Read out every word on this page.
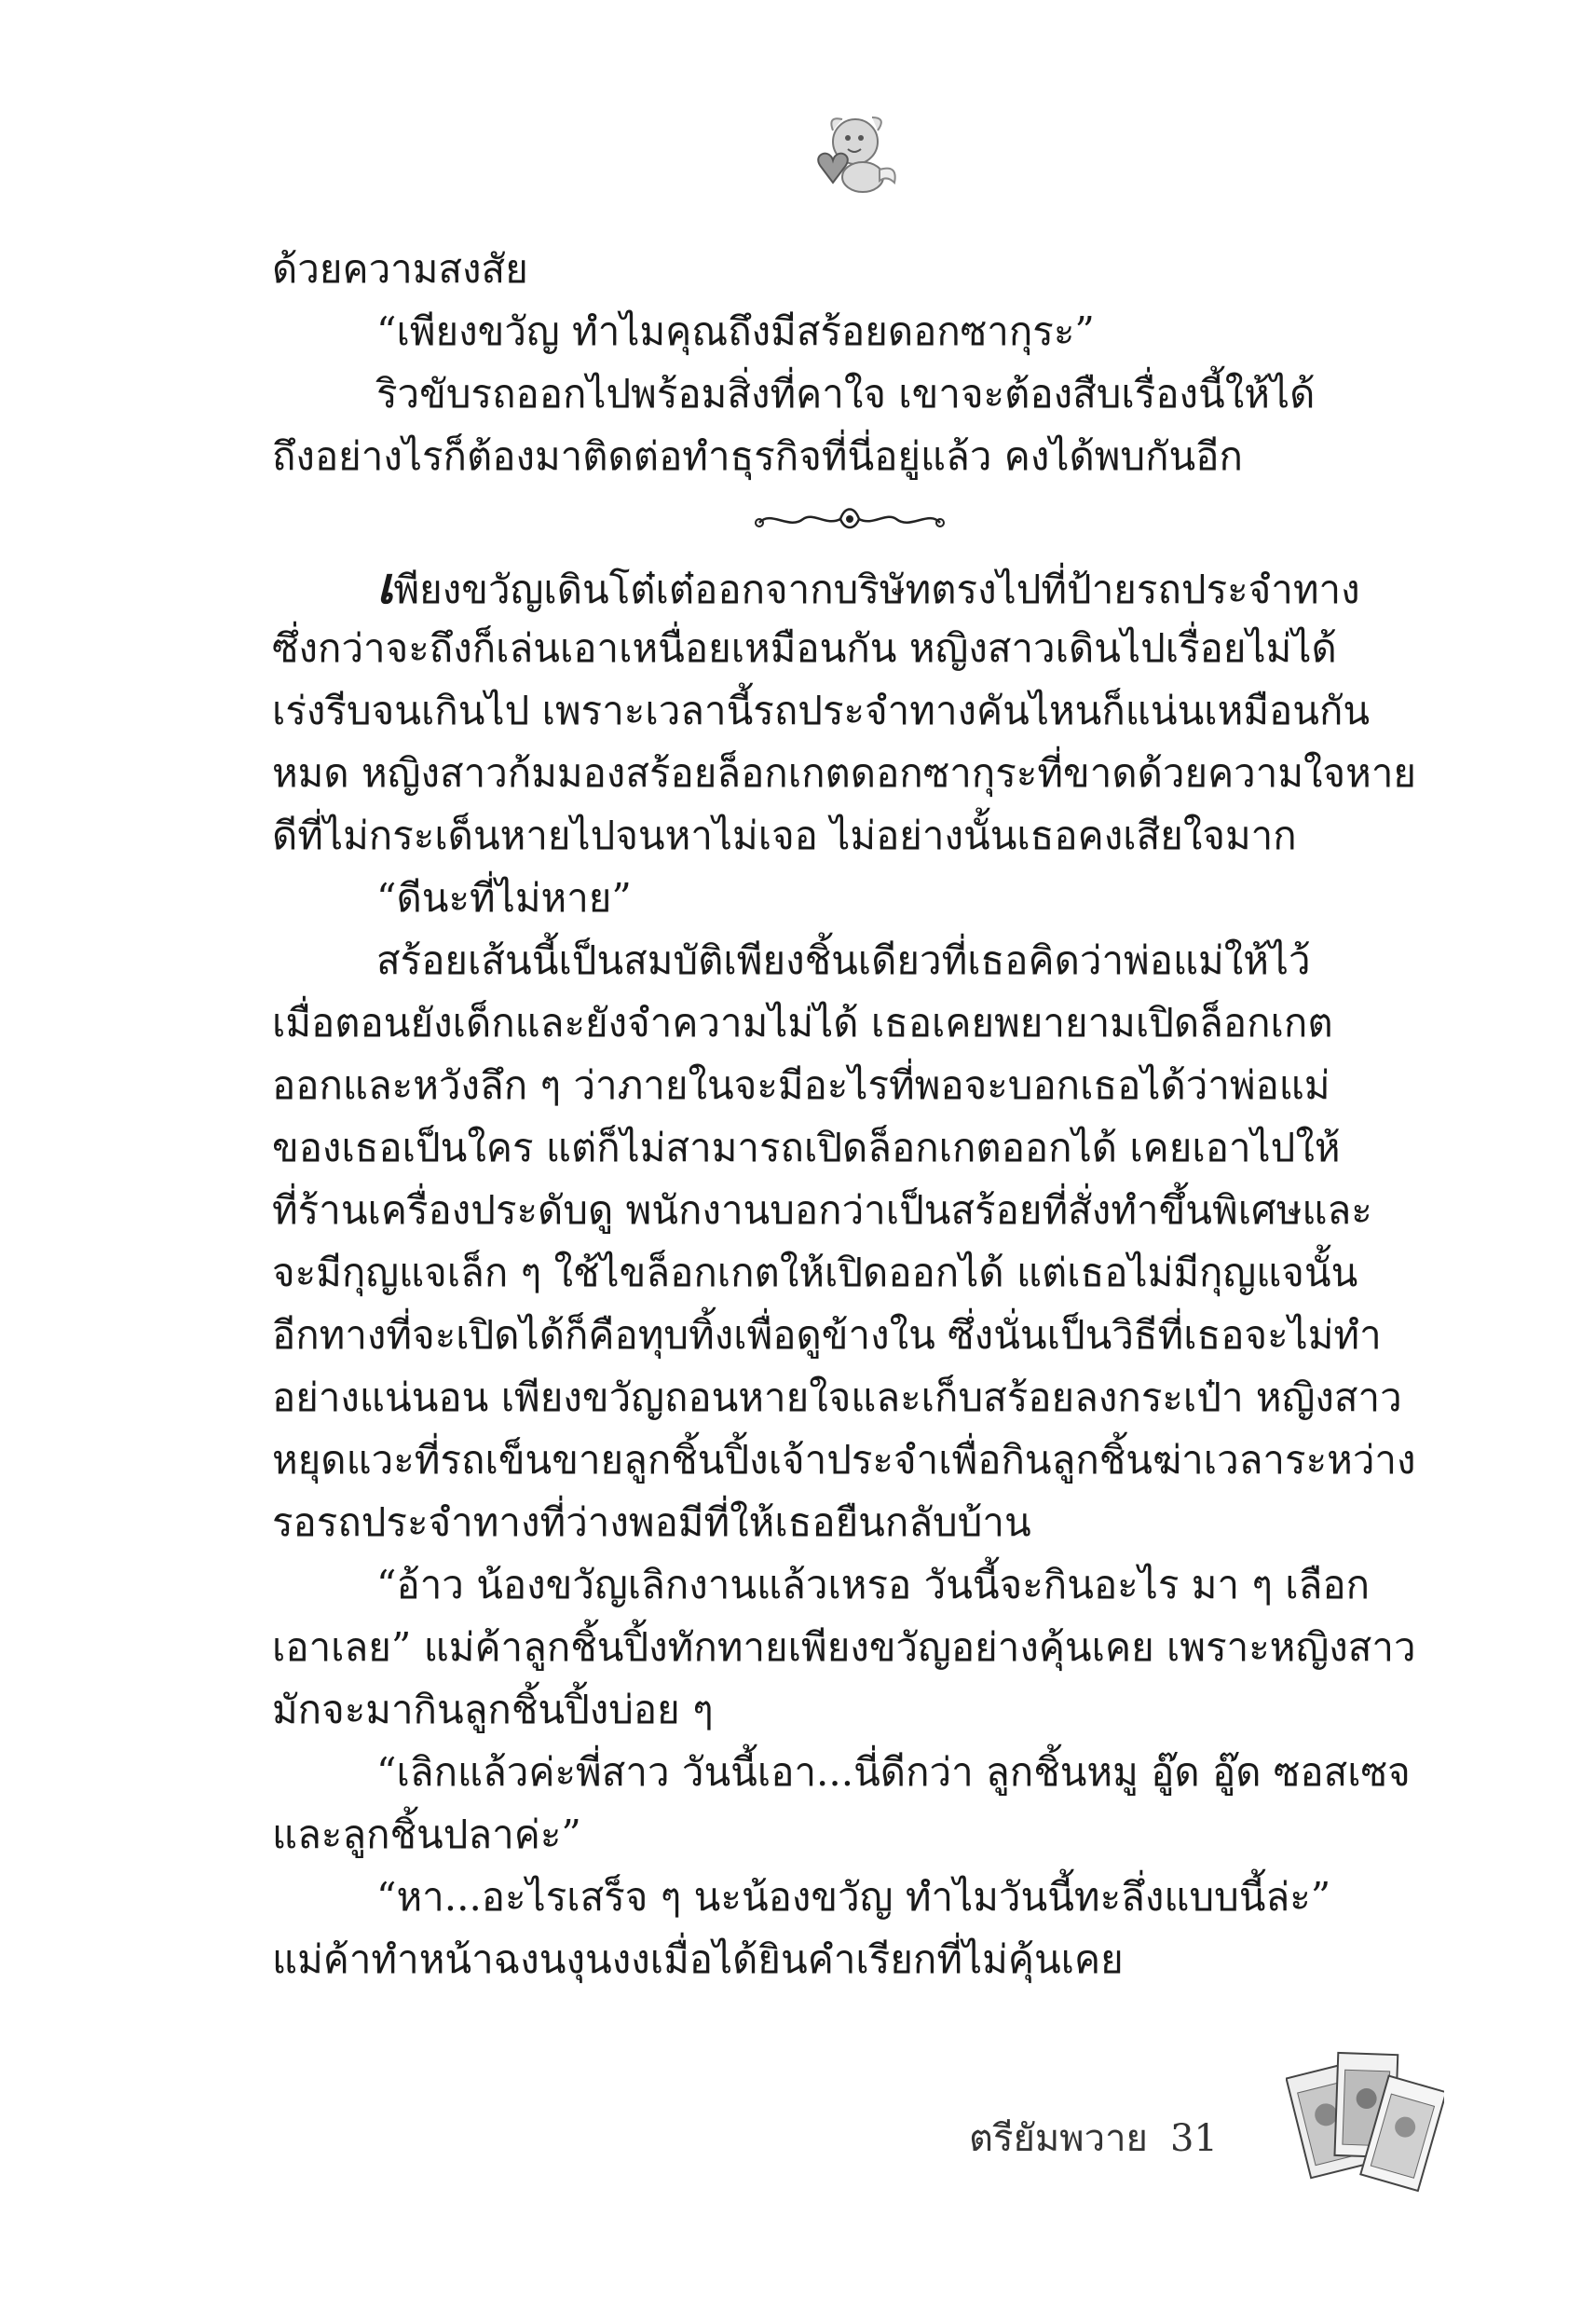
ด้วยความสงสัย
“เพียงขวัญ ทำไมคุณถึงมีสร้อยดอกซากุระ”
ริวขับรถออกไปพร้อมสิ่งที่คาใจ เขาจะต้องสืบเรื่องนี้ให้ได้
ถึงอย่างไรก็ต้องมาติดต่อทำธุรกิจที่นี่อยู่แล้ว คงได้พบกันอีก
เพียงขวัญเดินโต๋เต๋ออกจากบริษัทตรงไปที่ป้ายรถประจำทาง
ซึ่งกว่าจะถึงก็เล่นเอาเหนื่อยเหมือนกัน หญิงสาวเดินไปเรื่อยไม่ได้
เร่งรีบจนเกินไป เพราะเวลานี้รถประจำทางคันไหนก็แน่นเหมือนกัน
หมด หญิงสาวก้มมองสร้อยล็อกเกตดอกซากุระที่ขาดด้วยความใจหาย
ดีที่ไม่กระเด็นหายไปจนหาไม่เจอ ไม่อย่างนั้นเธอคงเสียใจมาก
“ดีนะที่ไม่หาย”
สร้อยเส้นนี้เป็นสมบัติเพียงชิ้นเดียวที่เธอคิดว่าพ่อแม่ให้ไว้
เมื่อตอนยังเด็กและยังจำความไม่ได้ เธอเคยพยายามเปิดล็อกเกต
ออกและหวังลึก ๆ ว่าภายในจะมีอะไรที่พอจะบอกเธอได้ว่าพ่อแม่
ของเธอเป็นใคร แต่ก็ไม่สามารถเปิดล็อกเกตออกได้ เคยเอาไปให้
ที่ร้านเครื่องประดับดู พนักงานบอกว่าเป็นสร้อยที่สั่งทำขึ้นพิเศษและ
จะมีกุญแจเล็ก ๆ ใช้ไขล็อกเกตให้เปิดออกได้ แต่เธอไม่มีกุญแจนั้น
อีกทางที่จะเปิดได้ก็คือทุบทิ้งเพื่อดูข้างใน ซึ่งนั่นเป็นวิธีที่เธอจะไม่ทำ
อย่างแน่นอน เพียงขวัญถอนหายใจและเก็บสร้อยลงกระเป๋า หญิงสาว
หยุดแวะที่รถเข็นขายลูกชิ้นปิ้งเจ้าประจำเพื่อกินลูกชิ้นฆ่าเวลาระหว่าง
รอรถประจำทางที่ว่างพอมีที่ให้เธอยืนกลับบ้าน
“อ้าว น้องขวัญเลิกงานแล้วเหรอ วันนี้จะกินอะไร มา ๆ เลือก
เอาเลย” แม่ค้าลูกชิ้นปิ้งทักทายเพียงขวัญอย่างคุ้นเคย เพราะหญิงสาว
มักจะมากินลูกชิ้นปิ้งบ่อย ๆ
“เลิกแล้วค่ะพี่สาว วันนี้เอา...นี่ดีกว่า ลูกชิ้นหมู อู๊ด อู๊ด ซอสเซจ
และลูกชิ้นปลาค่ะ”
“หา...อะไรเสร็จ ๆ นะน้องขวัญ ทำไมวันนี้ทะลึ่งแบบนี้ล่ะ”
แม่ค้าทำหน้าฉงนงุนงงเมื่อได้ยินคำเรียกที่ไม่คุ้นเคย
ตรียัมพวาย 31
